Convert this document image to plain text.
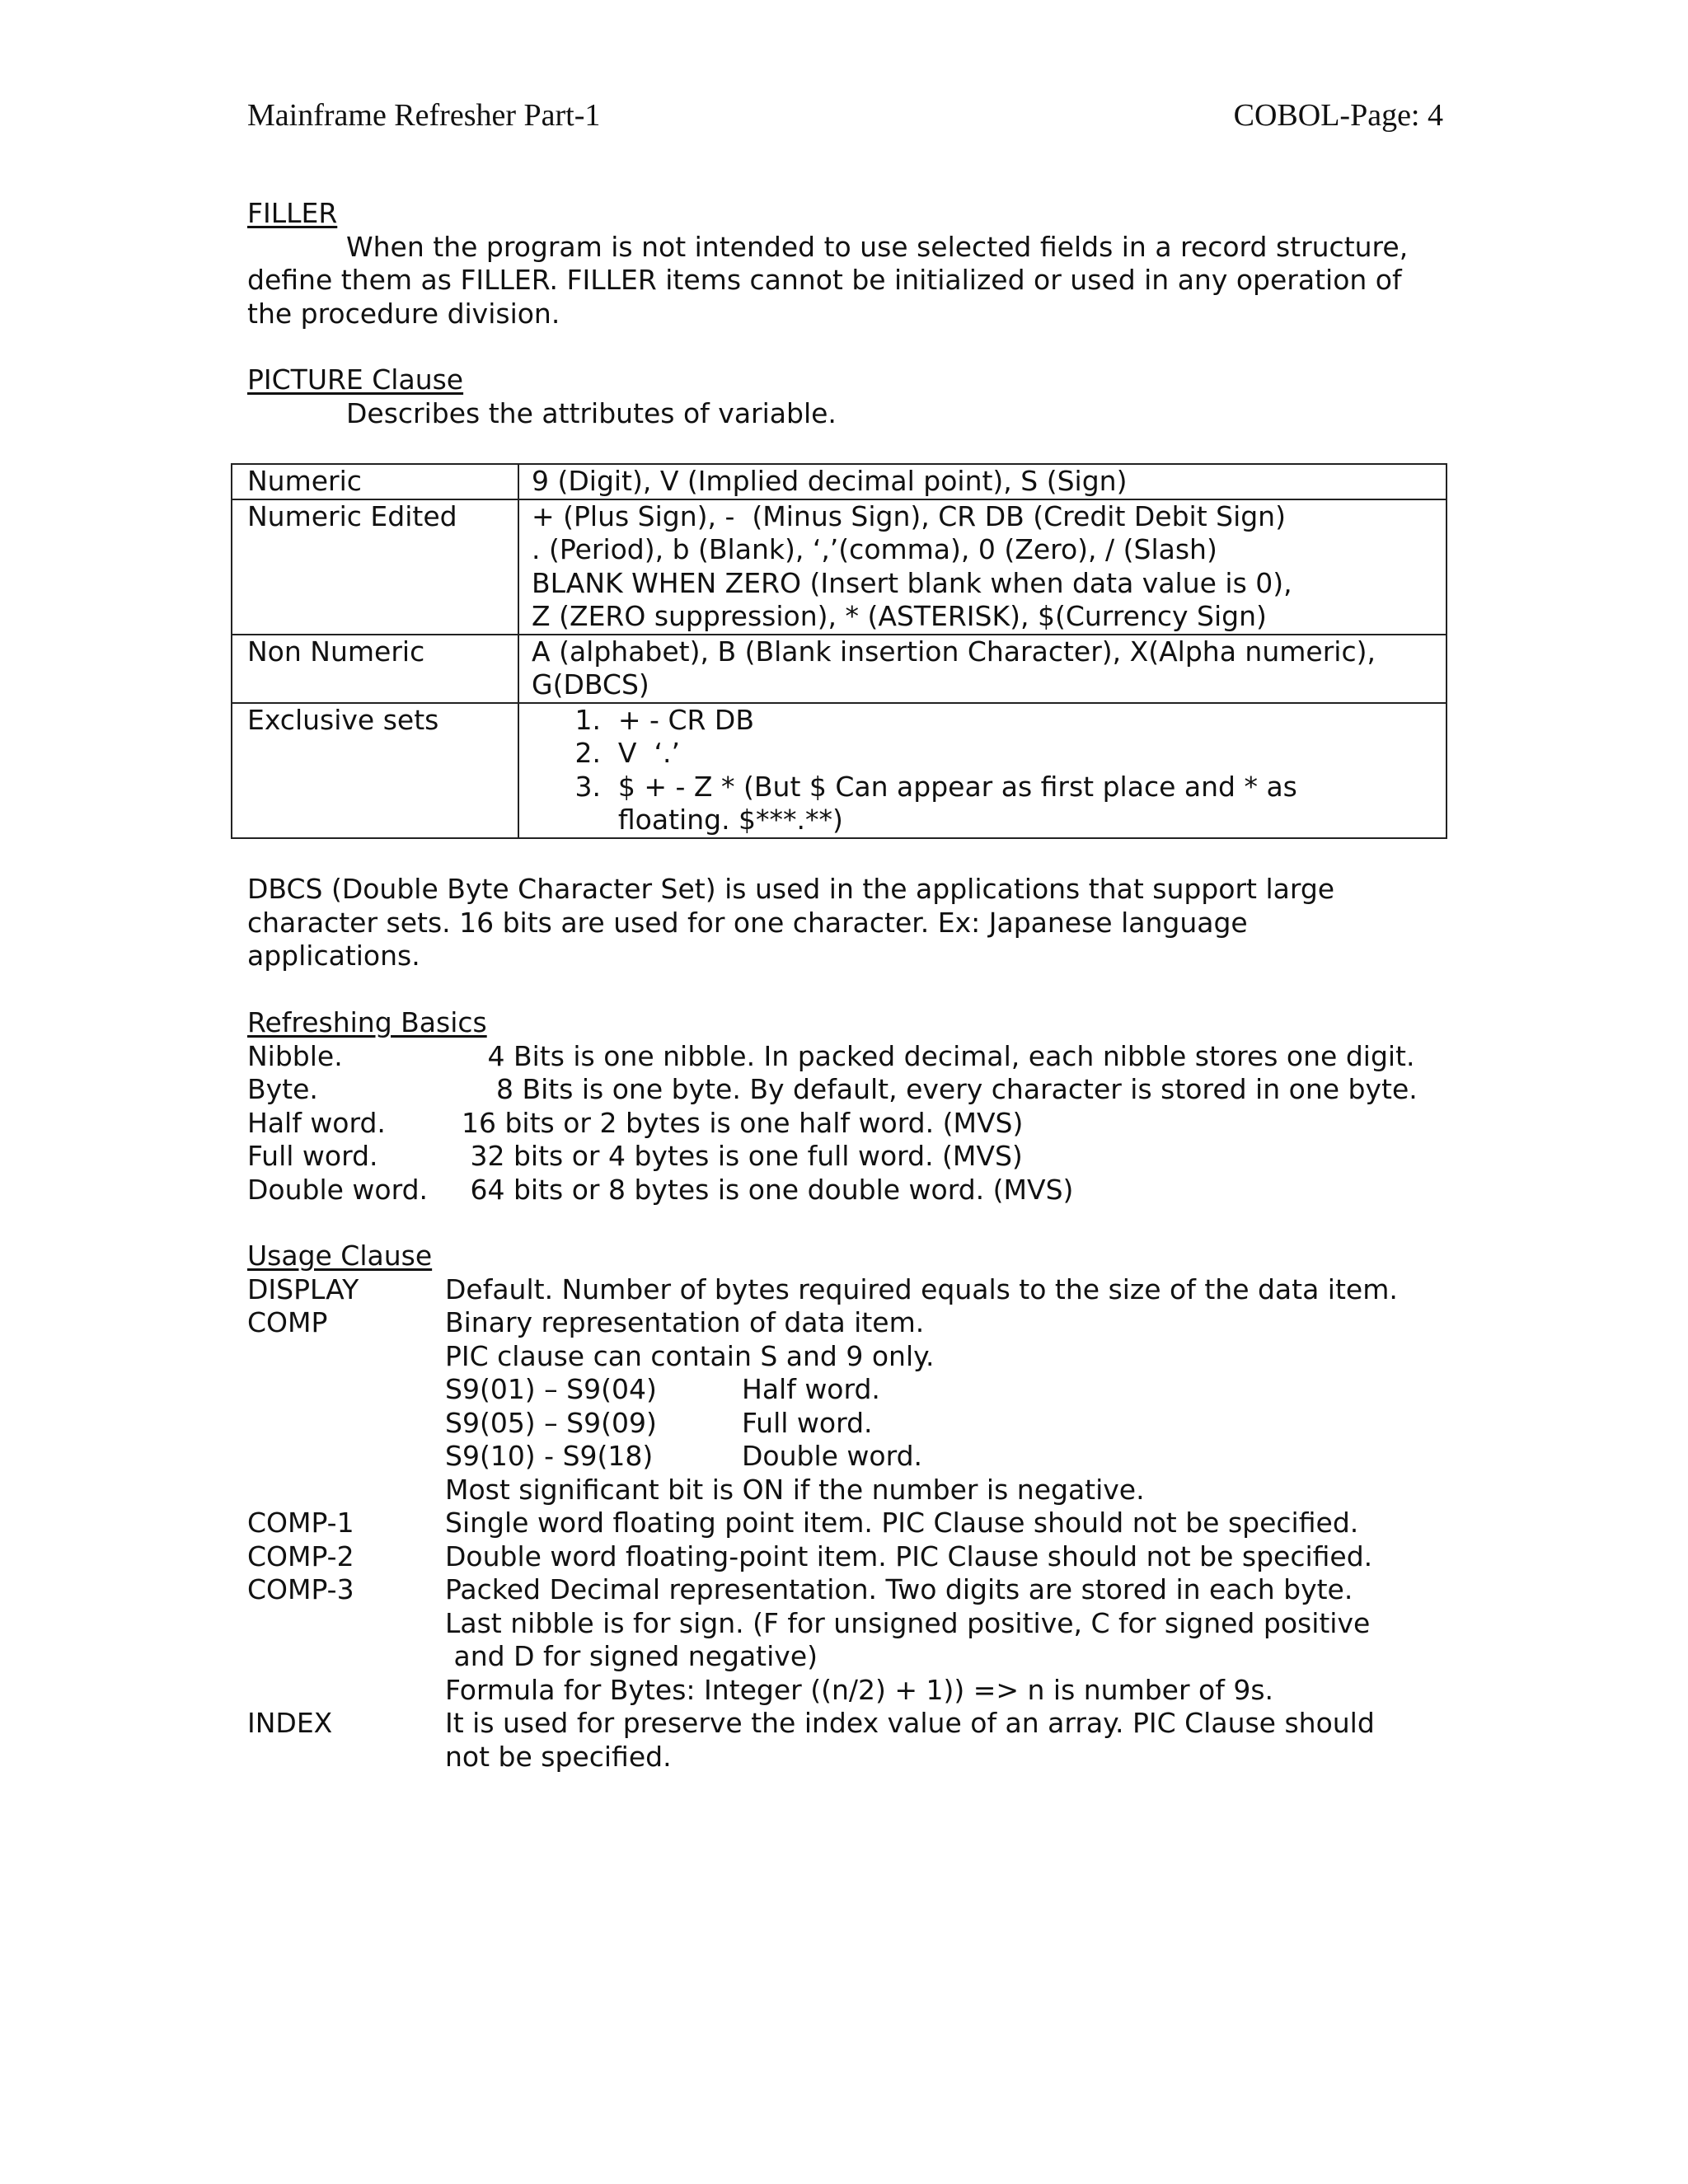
Mainframe Refresher Part-1	COBOL-Page: 4
FILLER
When the program is not intended to use selected fields in a record structure,
define them as FILLER. FILLER items cannot be initialized or used in any operation of
the procedure division.
PICTURE Clause
Describes the attributes of variable.
Numeric	9 (Digit), V (Implied decimal point), S (Sign)

Numeric Edited	+ (Plus Sign), -  (Minus Sign), CR DB (Credit Debit Sign)
. (Period), b (Blank), ‘,’(comma), 0 (Zero), / (Slash)
BLANK WHEN ZERO (Insert blank when data value is 0),
Z (ZERO suppression), * (ASTERISK), $(Currency Sign)

Non Numeric	A (alphabet), B (Blank insertion Character), X(Alpha numeric),
G(DBCS)

Exclusive sets	1.  + - CR DB
2.  V  ‘.’
3.  $ + - Z * (But $ Can appear as first place and * as
floating. $***.**)
DBCS (Double Byte Character Set) is used in the applications that support large
character sets. 16 bits are used for one character. Ex: Japanese language
applications.
Refreshing Basics
Nibble.	4 Bits is one nibble. In packed decimal, each nibble stores one digit.
Byte.	8 Bits is one byte. By default, every character is stored in one byte.
Half word.	16 bits or 2 bytes is one half word. (MVS)
Full word.	32 bits or 4 bytes is one full word. (MVS)
Double word.	64 bits or 8 bytes is one double word. (MVS)
Usage Clause
DISPLAY	Default. Number of bytes required equals to the size of the data item.
COMP	Binary representation of data item.
PIC clause can contain S and 9 only.
S9(01) – S9(04)	Half word.
S9(05) – S9(09)	Full word.
S9(10) - S9(18)	Double word.
Most significant bit is ON if the number is negative.
COMP-1	Single word floating point item. PIC Clause should not be specified.
COMP-2	Double word floating-point item. PIC Clause should not be specified.
COMP-3	Packed Decimal representation. Two digits are stored in each byte.
Last nibble is for sign. (F for unsigned positive, C for signed positive
and D for signed negative)
Formula for Bytes: Integer ((n/2) + 1)) => n is number of 9s.
INDEX	It is used for preserve the index value of an array. PIC Clause should
not be specified.
